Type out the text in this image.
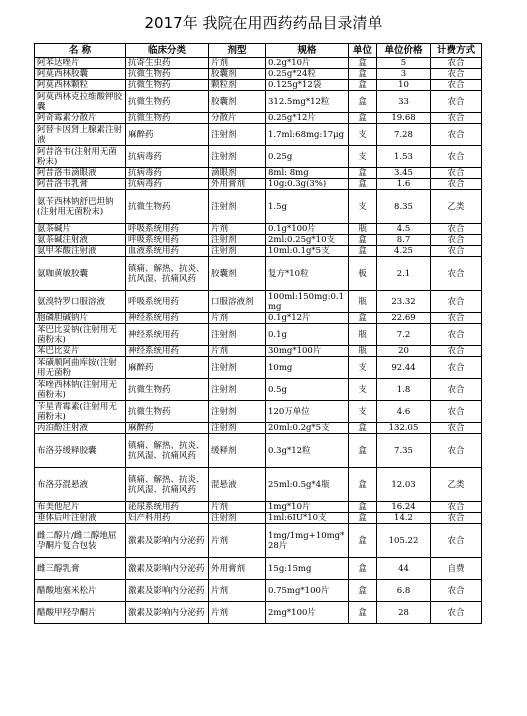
2017年 我院在用西药药品目录清单
名 称	临床分类	剂型	规格	单位	单位价格	计费方式
阿苯达唑片	抗寄生虫药	片剂	0.2g*10片	盒	5	农合
阿莫西林胶囊	抗微生物药	胶囊剂	0.25g*24粒	盒	3	农合
阿莫西林颗粒	抗微生物药	颗粒剂	0.125g*12袋	盒	10	农合
阿莫西林克拉维酸钾胶囊	抗微生物药	胶囊剂	312.5mg*12粒	盒	33	农合
阿奇霉素分散片	抗微生物药	分散片	0.25g*12片	盒	19.68	农合
阿替卡因肾上腺素注射液	麻醉药	注射剂	1.7ml:68mg:17μg	支	7.28	农合
阿昔洛韦(注射用无菌粉末)	抗病毒药	注射剂	0.25g	支	1.53	农合
阿昔洛韦滴眼液	抗病毒药	滴眼剂	8ml: 8mg	盒	3.45	农合
阿昔洛韦乳膏	抗病毒药	外用膏剂	10g:0.3g(3%)	盒	1.6	农合
氨苄西林钠舒巴坦钠(注射用无菌粉末)	抗微生物药	注射剂	1.5g	支	8.35	乙类
氨茶碱片	呼吸系统用药	片剂	0.1g*100片	瓶	4.5	农合
氨茶碱注射液	呼吸系统用药	注射剂	2ml:0.25g*10支	盒	8.7	农合
氨甲苯酸注射液	血液系统用药	注射剂	10ml:0.1g*5支	盒	4.25	农合
氨咖黄敏胶囊	镇痛、解热、抗炎、抗风湿、抗痛风药	胶囊剂	复方*10粒	板	2.1	农合
氨溴特罗口服溶液	呼吸系统用药	口服溶液剂	100ml:150mg:0.1mg	瓶	23.32	农合
胞磷胆碱钠片	神经系统用药	片剂	0.1g*12片	盒	22.69	农合
苯巴比妥钠(注射用无菌粉末)	神经系统用药	注射剂	0.1g	瓶	7.2	农合
苯巴比妥片	神经系统用药	片剂	30mg*100片	瓶	20	农合
苯磺顺阿曲库铵(注射用无菌粉	麻醉药	注射剂	10mg	支	92.44	农合
苯唑西林钠(注射用无菌粉末)	抗微生物药	注射剂	0.5g	支	1.8	农合
苄星青霉素(注射用无菌粉末)	抗微生物药	注射剂	120万单位	支	4.6	农合
丙泊酚注射液	麻醉药	注射剂	20ml:0.2g*5支	盒	132.05	农合
布洛芬缓释胶囊	镇痛、解热、抗炎、抗风湿、抗痛风药	缓释剂	0.3g*12粒	盒	7.35	农合
布洛芬混悬液	镇痛、解热、抗炎、抗风湿、抗痛风药	混悬液	25ml:0.5g*4瓶	盒	12.03	乙类
布美他尼片	泌尿系统用药	片剂	1mg*10片	盒	16.24	农合
垂体后叶注射液	妇产科用药	注射剂	1ml:6IU*10支	盒	14.2	农合
雌二醇片/雌二醇地屈孕酮片复合包装	激素及影响内分泌药	片剂	1mg/1mg+10mg*28片	盒	105.22	农合
雌三醇乳膏	激素及影响内分泌药	外用膏剂	15g:15mg	盒	44	自费
醋酸地塞米松片	激素及影响内分泌药	片剂	0.75mg*100片	盒	6.8	农合
醋酸甲羟孕酮片	激素及影响内分泌药	片剂	2mg*100片	盒	28	农合
